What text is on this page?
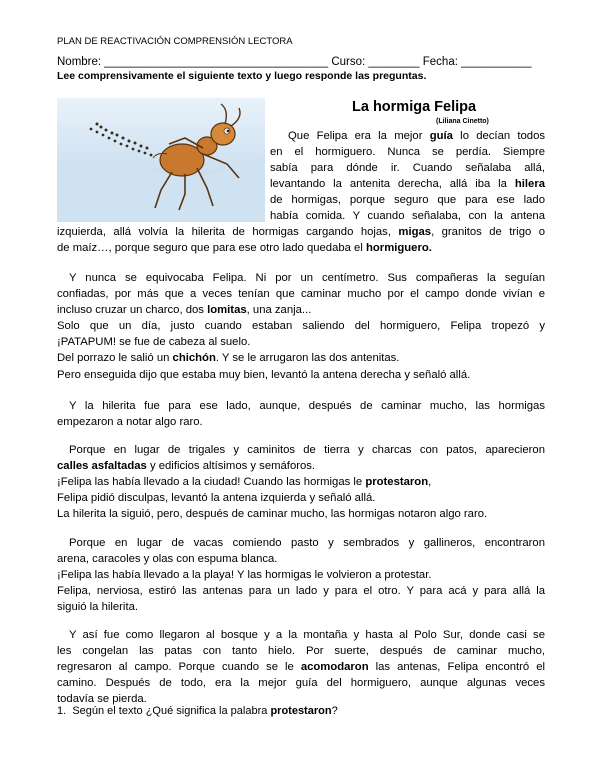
PLAN DE REACTIVACIÓN COMPRENSIÓN LECTORA
Nombre: ___________________________________ Curso: ________ Fecha: ___________
Lee comprensivamente el siguiente texto y luego responde las preguntas.
La hormiga Felipa
(Liliana Cinetto)
Que Felipa era la mejor guía lo decían todos
en el hormiguero. Nunca se perdía. Siempre
sabía para dónde ir. Cuando señalaba allá,
levantando la antenita derecha, allá iba la hilera
de hormigas, porque seguro que para ese lado
había comida. Y cuando señalaba, con la antena
izquierda, allá volvía la hilerita de hormigas cargando hojas, migas, granitos de trigo o
de maíz…, porque seguro que para ese otro lado quedaba el hormiguero.
Y nunca se equivocaba Felipa. Ni por un centímetro. Sus compañeras la seguían
confiadas, por más que a veces tenían que caminar mucho por el campo donde vivían e
incluso cruzar un charco, dos lomitas, una zanja...
Solo que un día, justo cuando estaban saliendo del hormiguero, Felipa tropezó y
¡PATAPUM! se fue de cabeza al suelo.
Del porrazo le salió un chichón. Y se le arrugaron las dos antenitas.
Pero enseguida dijo que estaba muy bien, levantó la antena derecha y señaló allá.
Y la hilerita fue para ese lado, aunque, después de caminar mucho, las hormigas
empezaron a notar algo raro.
Porque en lugar de trigales y caminitos de tierra y charcas con patos, aparecieron
calles asfaltadas y edificios altísimos y semáforos.
¡Felipa las había llevado a la ciudad! Cuando las hormigas le protestaron,
Felipa pidió disculpas, levantó la antena izquierda y señaló allá.
La hilerita la siguió, pero, después de caminar mucho, las hormigas notaron algo raro.
Porque en lugar de vacas comiendo pasto y sembrados y gallineros, encontraron
arena, caracoles y olas con espuma blanca.
¡Felipa las había llevado a la playa! Y las hormigas le volvieron a protestar.
Felipa, nerviosa, estiró las antenas para un lado y para el otro. Y para acá y para allá la
siguió la hilerita.
Y así fue como llegaron al bosque y a la montaña y hasta al Polo Sur, donde casi se
les congelan las patas con tanto hielo. Por suerte, después de caminar mucho,
regresaron al campo. Porque cuando se le acomodaron las antenas, Felipa encontró el
camino. Después de todo, era la mejor guía del hormiguero, aunque algunas veces
todavía se pierda.
1. Según el texto ¿Qué significa la palabra protestaron?
